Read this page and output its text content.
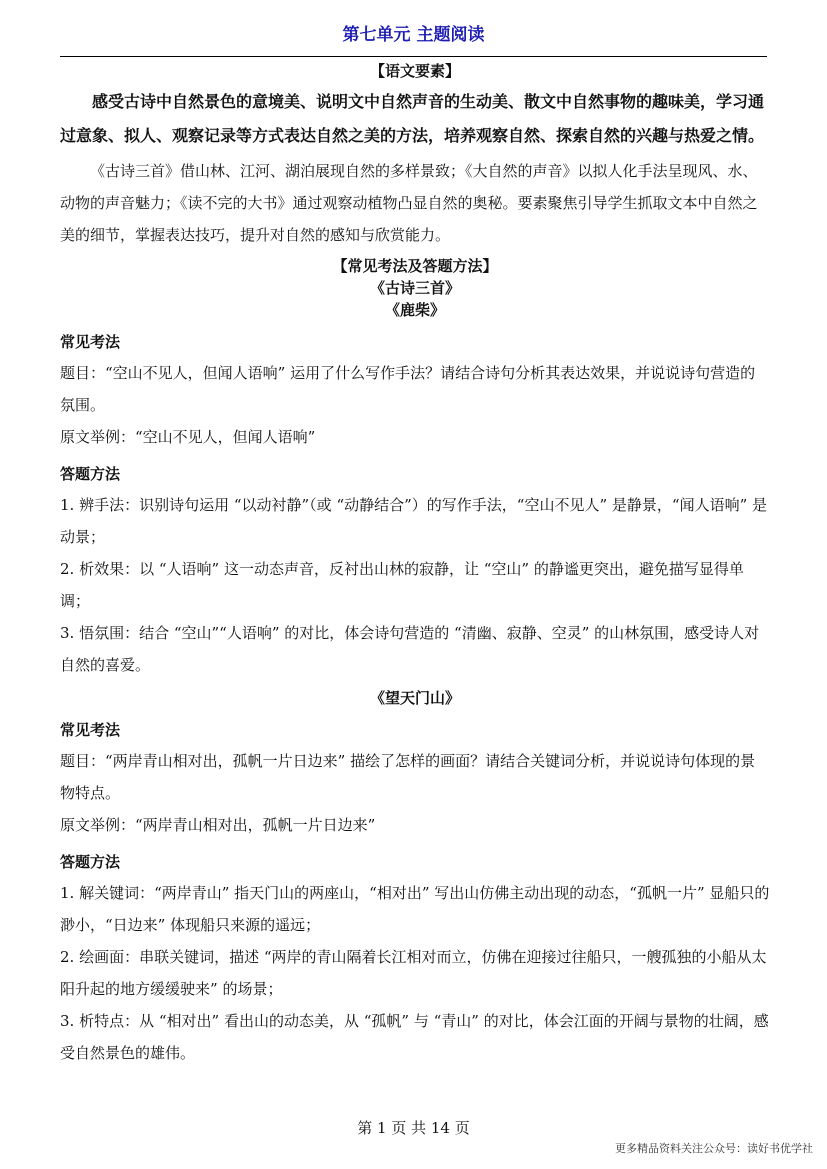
第七单元 主题阅读
【语文要素】

感受古诗中自然景色的意境美、说明文中自然声音的生动美、散文中自然事物的趣味美，学习通过意象、拟人、观察记录等方式表达自然之美的方法，培养观察自然、探索自然的兴趣与热爱之情。

《古诗三首》借山林、江河、湖泊展现自然的多样景致；《大自然的声音》以拟人化手法呈现风、水、动物的声音魅力；《读不完的大书》通过观察动植物凸显自然的奥秘。要素聚焦引导学生抓取文本中自然之美的细节，掌握表达技巧，提升对自然的感知与欣赏能力。

【常见考法及答题方法】
《古诗三首》
《鹿柴》
常见考法

题目：“空山不见人，但闻人语响” 运用了什么写作手法？请结合诗句分析其表达效果，并说说诗句营造的氛围。

原文举例：“空山不见人，但闻人语响”

答题方法

1. 辨手法：识别诗句运用 “以动衬静”（或 “动静结合”）的写作手法，“空山不见人” 是静景，“闻人语响” 是动景；

2. 析效果：以 “人语响” 这一动态声音，反衬出山林的寂静，让 “空山” 的静谧更突出，避免描写显得单调；

3. 悟氛围：结合 “空山”“人语响” 的对比，体会诗句营造的 “清幽、寂静、空灵” 的山林氛围，感受诗人对自然的喜爱。

《望天门山》
常见考法

题目：“两岸青山相对出，孤帆一片日边来” 描绘了怎样的画面？请结合关键词分析，并说说诗句体现的景物特点。

原文举例：“两岸青山相对出，孤帆一片日边来”

答题方法

1. 解关键词：“两岸青山” 指天门山的两座山，“相对出” 写出山仿佛主动出现的动态，“孤帆一片” 显船只的渺小，“日边来” 体现船只来源的遥远；

2. 绘画面：串联关键词，描述 “两岸的青山隔着长江相对而立，仿佛在迎接过往船只，一艘孤独的小船从太阳升起的地方缓缓驶来” 的场景；

3. 析特点：从 “相对出” 看出山的动态美，从 “孤帆” 与 “青山” 的对比，体会江面的开阔与景物的壮阔，感受自然景色的雄伟。

第 1 页 共 14 页
更多精品资料关注公众号：读好书优学社
